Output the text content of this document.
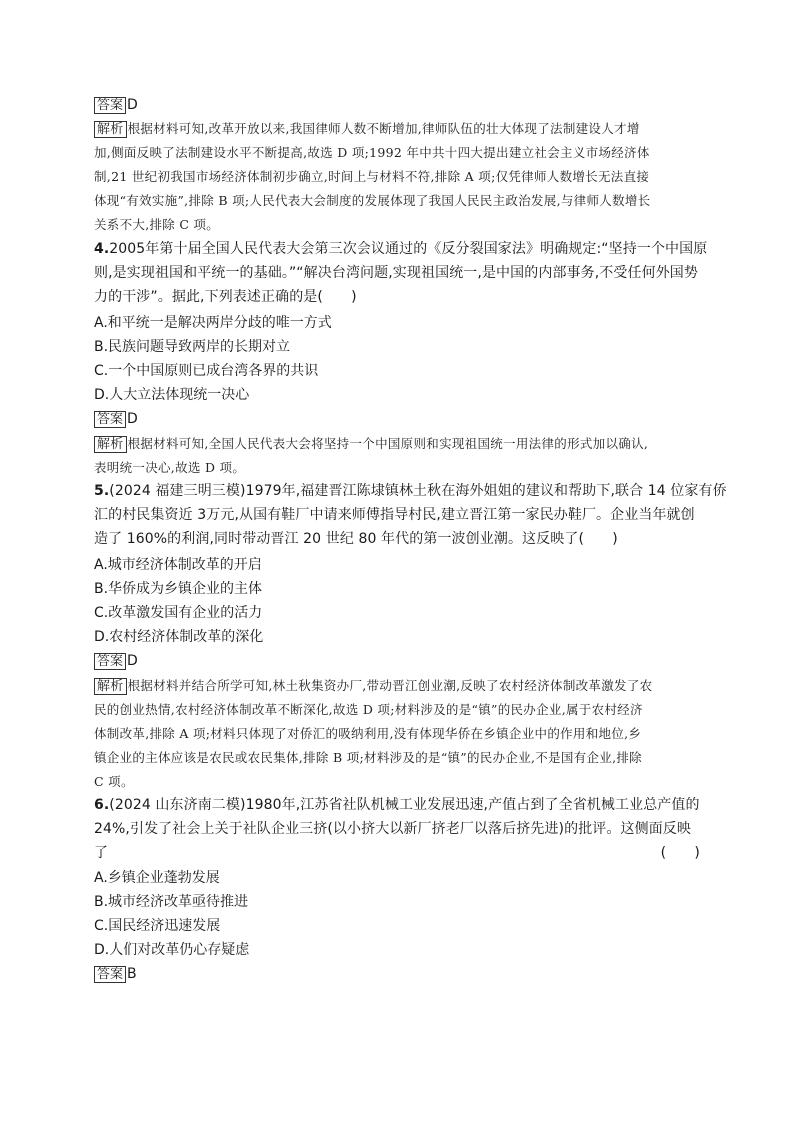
答案 D
解析 根据材料可知,改革开放以来,我国律师人数不断增加,律师队伍的壮大体现了法制建设人才增
加,侧面反映了法制建设水平不断提高,故选 D 项;1992 年中共十四大提出建立社会主义市场经济体
制,21 世纪初我国市场经济体制初步确立,时间上与材料不符,排除 A 项;仅凭律师人数增长无法直接
体现“有效实施”,排除 B 项;人民代表大会制度的发展体现了我国人民民主政治发展,与律师人数增长
关系不大,排除 C 项。
4.2005年第十届全国人民代表大会第三次会议通过的《反分裂国家法》明确规定:“坚持一个中国原
则,是实现祖国和平统一的基础。”“解决台湾问题,实现祖国统一,是中国的内部事务,不受任何外国势
力的干涉”。据此,下列表述正确的是(　　)
A.和平统一是解决两岸分歧的唯一方式
B.民族问题导致两岸的长期对立
C.一个中国原则已成台湾各界的共识
D.人大立法体现统一决心
答案 D
解析 根据材料可知,全国人民代表大会将坚持一个中国原则和实现祖国统一用法律的形式加以确认,
表明统一决心,故选 D 项。
5.(2024 福建三明三模)1979年,福建晋江陈埭镇林土秋在海外姐姐的建议和帮助下,联合 14 位家有侨
汇的村民集资近 3万元,从国有鞋厂中请来师傅指导村民,建立晋江第一家民办鞋厂。企业当年就创
造了 160%的利润,同时带动晋江 20 世纪 80 年代的第一波创业潮。这反映了(　　)
A.城市经济体制改革的开启
B.华侨成为乡镇企业的主体
C.改革激发国有企业的活力
D.农村经济体制改革的深化
答案 D
解析 根据材料并结合所学可知,林土秋集资办厂,带动晋江创业潮,反映了农村经济体制改革激发了农
民的创业热情,农村经济体制改革不断深化,故选 D 项;材料涉及的是“镇”的民办企业,属于农村经济
体制改革,排除 A 项;材料只体现了对侨汇的吸纳利用,没有体现华侨在乡镇企业中的作用和地位,乡
镇企业的主体应该是农民或农民集体,排除 B 项;材料涉及的是“镇”的民办企业,不是国有企业,排除
C 项。
6.(2024 山东济南二模)1980年,江苏省社队机械工业发展迅速,产值占到了全省机械工业总产值的
24%,引发了社会上关于社队企业三挤(以小挤大以新厂挤老厂以落后挤先进)的批评。这侧面反映
了	(　　)
A.乡镇企业蓬勃发展
B.城市经济改革亟待推进
C.国民经济迅速发展
D.人们对改革仍心存疑虑
答案 B
